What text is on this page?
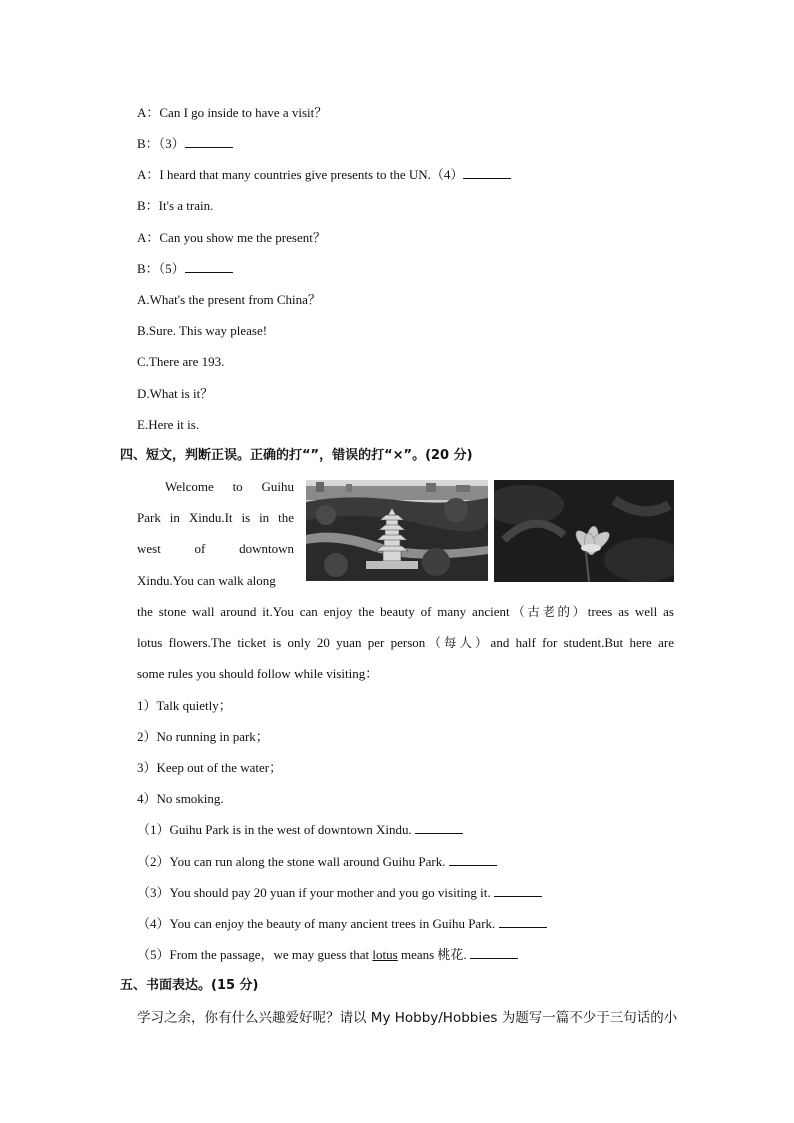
A：Can I go inside to have a visit？
B：（3）
A：I heard that many countries give presents to the UN.（4）
B：It's a train.
A：Can you show me the present？
B：（5）
A.What's the present from China？
B.Sure. This way please!
C.There are 193.
D.What is it？
E.Here it is.
四、短文，判断正误。正确的打“”，错误的打“×”。(20 分)
Welcome to Guihu
Park in Xindu.It is in the
west of downtown
Xindu.You can walk along
the stone wall around it.You can enjoy the beauty of many ancient（古老的）trees as well as
lotus flowers.The ticket is only 20 yuan per person（每人）and half for student.But here are
some rules you should follow while visiting：
1）Talk quietly；
2）No running in park；
3）Keep out of the water；
4）No smoking.
（1）Guihu Park is in the west of downtown Xindu.
（2）You can run along the stone wall around Guihu Park.
（3）You should pay 20 yuan if your mother and you go visiting it.
（4）You can enjoy the beauty of many ancient trees in Guihu Park.
（5）From the passage，we may guess that lotus means 桃花.
五、书面表达。(15 分)
学习之余，你有什么兴趣爱好呢？请以 My Hobby/Hobbies 为题写一篇不少于三句话的小
